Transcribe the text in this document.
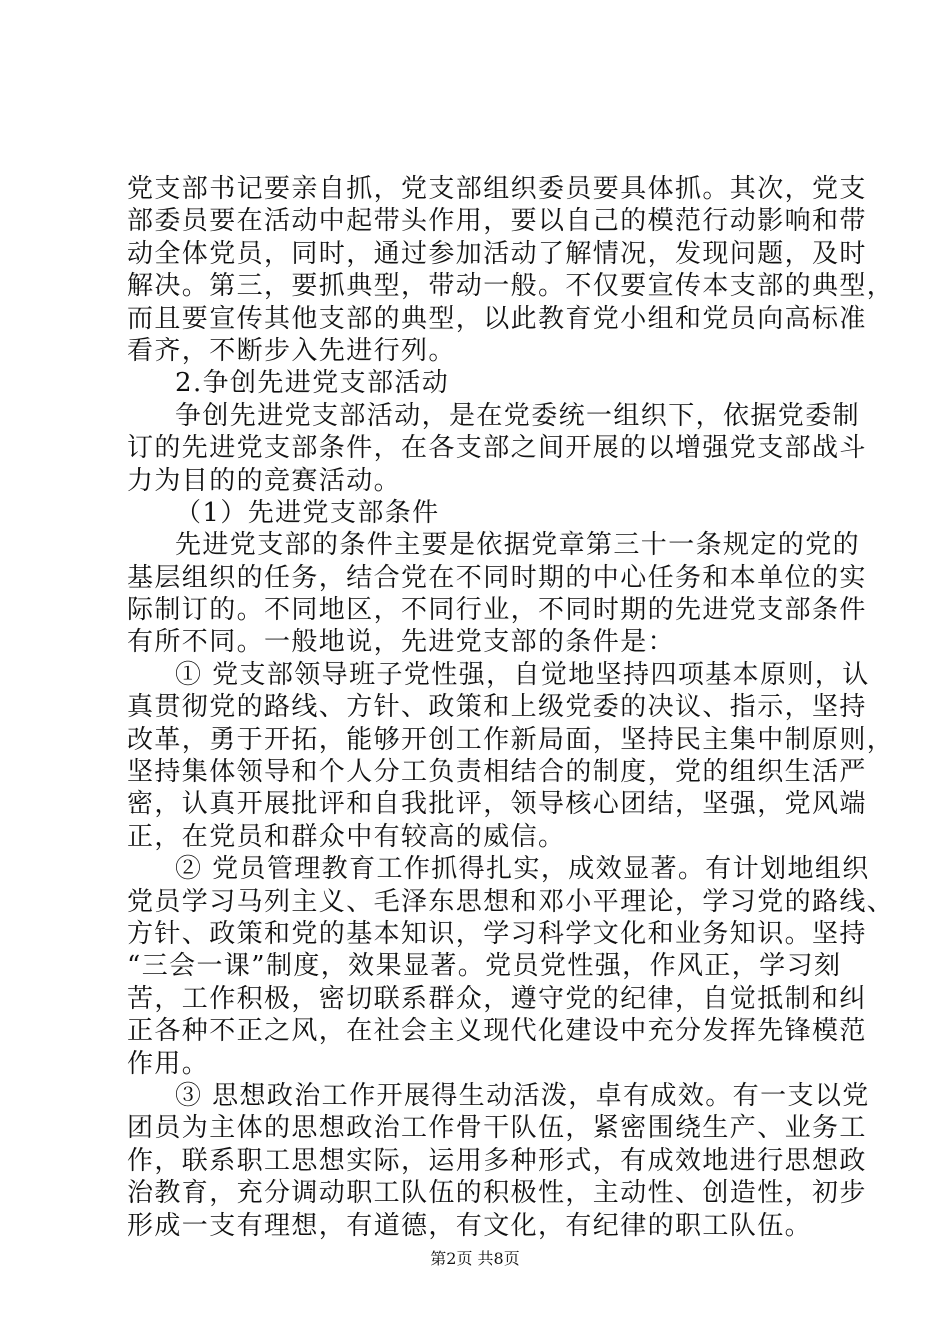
党支部书记要亲自抓，党支部组织委员要具体抓。其次，党支
部委员要在活动中起带头作用，要以自己的模范行动影响和带
动全体党员，同时，通过参加活动了解情况，发现问题，及时
解决。第三，要抓典型，带动一般。不仅要宣传本支部的典型，
而且要宣传其他支部的典型，以此教育党小组和党员向高标准
看齐，不断步入先进行列。
2.争创先进党支部活动
争创先进党支部活动，是在党委统一组织下，依据党委制
订的先进党支部条件，在各支部之间开展的以增强党支部战斗
力为目的的竞赛活动。
（1）先进党支部条件
先进党支部的条件主要是依据党章第三十一条规定的党的
基层组织的任务，结合党在不同时期的中心任务和本单位的实
际制订的。不同地区，不同行业，不同时期的先进党支部条件
有所不同。一般地说，先进党支部的条件是：
① 党支部领导班子党性强，自觉地坚持四项基本原则，认
真贯彻党的路线、方针、政策和上级党委的决议、指示，坚持
改革，勇于开拓，能够开创工作新局面，坚持民主集中制原则，
坚持集体领导和个人分工负责相结合的制度，党的组织生活严
密，认真开展批评和自我批评，领导核心团结，坚强，党风端
正，在党员和群众中有较高的威信。
② 党员管理教育工作抓得扎实，成效显著。有计划地组织
党员学习马列主义、毛泽东思想和邓小平理论，学习党的路线、
方针、政策和党的基本知识，学习科学文化和业务知识。坚持
“三会一课”制度，效果显著。党员党性强，作风正，学习刻
苦，工作积极，密切联系群众，遵守党的纪律，自觉抵制和纠
正各种不正之风，在社会主义现代化建设中充分发挥先锋模范
作用。
③ 思想政治工作开展得生动活泼，卓有成效。有一支以党
团员为主体的思想政治工作骨干队伍，紧密围绕生产、业务工
作，联系职工思想实际，运用多种形式，有成效地进行思想政
治教育，充分调动职工队伍的积极性，主动性、创造性，初步
形成一支有理想，有道德，有文化，有纪律的职工队伍。
第2页 共8页
